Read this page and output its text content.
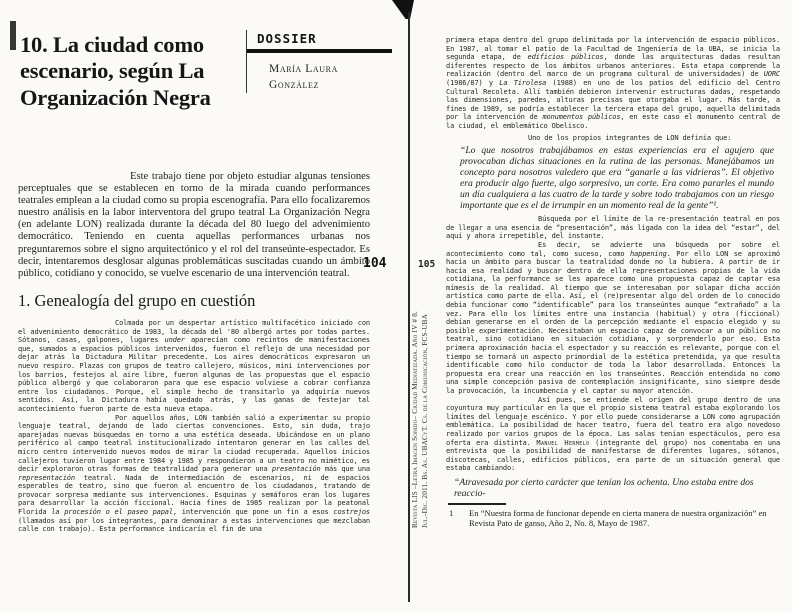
10. La ciudad como escenario, según La Organización Negra
DOSSIER
María Laura González

Este trabajo tiene por objeto estudiar algunas tensiones perceptuales que se establecen en torno de la mirada cuando performances teatrales emplean a la ciudad como su propia escenografía. Para ello focalizaremos nuestro análisis en la labor interventora del grupo teatral La Organización Negra (en adelante LON) realizada durante la década del 80 luego del advenimiento democrático. Teniendo en cuenta aquellas performances urbanas nos preguntaremos sobre el signo arquitectónico y el rol del transeúnte-espectador. Es decir, intentaremos desglosar algunas problemáticas suscitadas cuando un ámbito público, cotidiano y conocido, se vuelve escenario de una intervención teatral.

104
1. Genealogía del grupo en cuestión

Colmada por un despertar artístico multifacético iniciado con el advenimiento democrático de 1983, la década del '80 albergó artes por todas partes. Sótanos, casas, galpones, lugares under aparecían como recintos de manifestaciones que, sumados a espacios públicos intervenidos, fueron el reflejo de una necesidad por dejar atrás la Dictadura Militar precedente. Los aires democráticos expresaron un nuevo respiro. Plazas con grupos de teatro callejero, músicos, mini intervenciones por los barrios, festejos al aire libre, fueron algunas de las propuestas que el espacio público albergó y que colaboraron para que ese espacio volviese a cobrar confianza entre los ciudadanos. Porque, el simple hecho de transitarlo ya adquiría nuevos sentidos. Así, la Dictadura había quedado atrás, y las ganas de festejar tal acontecimiento fueron parte de esta nueva etapa.

Por aquellos años, LON también salió a experimentar su propio lenguaje teatral, dejando de lado ciertas convenciones. Esto, sin duda, trajo aparejadas nuevas búsquedas en torno a una estética deseada. Ubicándose en un plano periférico al campo teatral institucionalizado intentaron generar en las calles del micro centro intervenido nuevos modos de mirar la ciudad recuperada. Aquellos inicios callejeros tuvieron lugar entre 1984 y 1985 y respondieron a un teatro no mimético, es decir exploraron otras formas de teatralidad para generar una presentación más que una representación teatral. Nada de intermediación de escenarios, ni de espacios esperables de teatro, sino que fueron al encuentro de los ciudadanos, tratando de provocar sorpresa mediante sus intervenciones. Esquinas y semáforos eran los lugares para desarrollar la acción ficcional. Hacia fines de 1985 realizan por la peatonal Florida la procesión o el paseo papal, intervención que pone un fin a esos costrejos (llamados así por los integrantes, para denominar a estas intervenciones que mezclaban calle con trabajo). Esta performance indicaría el fin de una

Revista LIS –Letra Imagen Sonido– Ciudad Mediatizada. Año IV # 8. Jul.-Dic. 2011. Bs. As. UBACyT. Cs. de la Comunicación, FCS-UBA
105

primera etapa dentro del grupo delimitada por la intervención de espacio públicos. En 1987, al tomar el patio de la Facultad de Ingeniería de la UBA, se inicia la segunda etapa, de edificios públicos, donde las arquitecturas dadas resultan diferentes respecto de los ámbitos urbanos anteriores. Esta etapa comprende la realización (dentro del marco de un programa cultural de universidades) de UORC (1986/87) y La Tirolesa (1988) en uno de los patios del edificio del Centro Cultural Recoleta. Allí también debieron intervenir estructuras dadas, respetando las dimensiones, paredes, alturas precisas que otorgaba el lugar. Más tarde, a fines de 1989, se podría establecer la tercera etapa del grupo, aquella delimitada por la intervención de monumentos públicos, en este caso el monumento central de la ciudad, el emblemático Obelisco.

Uno de los propios integrantes de LON definía que:

“Lo que nosotros trabajábamos en estas experiencias era el agujero que provocaban dichas situaciones en la rutina de las personas. Manejábamos un concepto para nosotros valedero que era “ganarle a las vidrieras”. El objetivo era producir algo fuerte, algo sorpresivo, un corte. Era como pararles el mundo un día cualquiera a las cuatro de la tarde y sobre todo trabajamos con un riesgo importante que es el de irrumpir en un momento real de la gente”¹.

Búsqueda por el límite de la re-presentación teatral en pos de llegar a una esencia de “presentación”, más ligada con la idea del “estar”, del aquí y ahora irrepetible, del instante.

Es decir, se advierte una búsqueda por sobre el acontecimiento como tal, como suceso, como happening. Por ello LON se aproximó hacia un ámbito para buscar la teatralidad donde no la hubiera. A partir de ir hacia esa realidad y buscar dentro de ella representaciones propias de la vida cotidiana, la performance se les aparece como una propuesta capaz de captar esa mímesis de la realidad. Al tiempo que se interesaban por solapar dicha acción artística como parte de ella. Así, el (re)presentar algo del orden de lo conocido debía funcionar como “identificable” para los transeúntes aunque “extrañado” a la vez. Para ello los límites entre una instancia (habitual) y otra (ficcional) debían generarse en el orden de la percepción mediante el espacio elegido y su posible experimentación. Necesitaban un espacio capaz de convocar a un público no teatral, sino cotidiano en situación cotidiana, y sorprenderlo por eso. Esta primera aproximación hacia el espectador y su reacción es relevante, porque con el tiempo se tornará un aspecto primordial de la estética pretendida, ya que resulta identificable como hilo conductor de toda la labor desarrollada. Entonces la propuesta era crear una reacción en los transeúntes. Reacción entendida no como una simple concepción pasiva de contemplación insignificante, sino siempre desde la provocación, la incumbencia y el captar su mayor atención.

Así pues, se entiende el origen del grupo dentro de una coyuntura muy particular en la que el propio sistema teatral estaba explorando los límites del lenguaje escénico. Y por ello puede considerarse a LON como agrupación emblemática. La posibilidad de hacer teatro, fuera del teatro era algo novedoso realizado por varios grupos de la época. Las salas tenían espectáculos, pero esa oferta era distinta. Manuel Hermelo (integrante del grupo) nos comentaba en una entrevista que la posibilidad de manifestarse de diferentes lugares, sótanos, discotecas, calles, edificios públicos, era parte de un situación general que estaba cambiando:

“Atravesada por cierto carácter que tenían los ochenta. Uno estaba entre dos reaccio-
1	En “Nuestra forma de funcionar depende en cierta manera de nuestra organización” en Revista Pato de ganso, Año 2, No. 8, Mayo de 1987.
